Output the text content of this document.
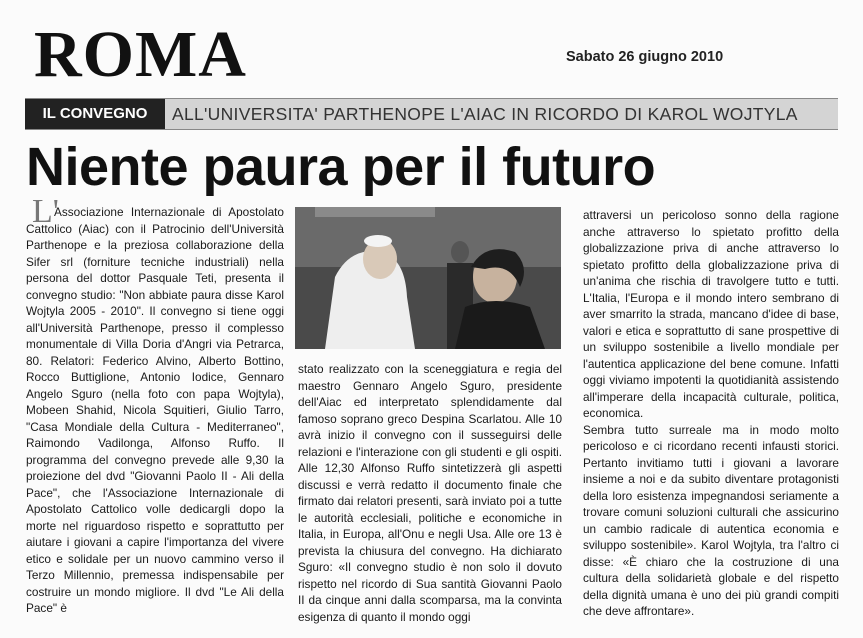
ROMA	Sabato 26 giugno 2010
IL CONVEGNO	ALL'UNIVERSITA' PARTHENOPE L'AIAC IN RICORDO DI KAROL WOJTYLA
Niente paura per il futuro
L'
Associazione Internazionale di Apostolato Cattolico (Aiac) con il Patrocinio dell'Università Parthenope e la preziosa collaborazione della Sifer srl (forniture tecniche industriali) nella persona del dottor Pasquale Teti, presenta il convegno studio: "Non abbiate paura disse Karol Wojtyla 2005 - 2010". Il convegno si tiene oggi all'Università Parthenope, presso il complesso monumentale di Villa Doria d'Angri via Petrarca, 80. Relatori: Federico Alvino, Alberto Bottino, Rocco Buttiglione, Antonio Iodice, Gennaro Angelo Sguro (nella foto con papa Wojtyla), Mobeen Shahid, Nicola Squitieri, Giulio Tarro, "Casa Mondiale della Cultura - Mediterraneo", Raimondo Vadilonga, Alfonso Ruffo. Il programma del convegno prevede alle 9,30 la proiezione del dvd "Giovanni Paolo II - Ali della Pace", che l'Associazione Internazionale di Apostolato Cattolico volle dedicargli dopo la morte nel riguardoso rispetto e soprattutto per aiutare i giovani a capire l'importanza del vivere etico e solidale per un nuovo cammino verso il Terzo Millennio, premessa indispensabile per costruire un mondo migliore. Il dvd "Le Ali della Pace" è
stato realizzato con la sceneggiatura e regia del maestro Gennaro Angelo Sguro, presidente dell'Aiac ed interpretato splendidamente dal famoso soprano greco Despina Scarlatou. Alle 10 avrà inizio il convegno con il susseguirsi delle relazioni e l'interazione con gli studenti e gli ospiti. Alle 12,30 Alfonso Ruffo sintetizzerà gli aspetti discussi e verrà redatto il documento finale che firmato dai relatori presenti, sarà inviato poi a tutte le autorità ecclesiali, politiche e economiche in Italia, in Europa, all'Onu e negli Usa. Alle ore 13 è prevista la chiusura del convegno. Ha dichiarato Sguro: «Il convegno studio è non solo il dovuto rispetto nel ricordo di Sua santità Giovanni Paolo II da cinque anni dalla scomparsa, ma la convinta esigenza di quanto il mondo oggi
attraversi un pericoloso sonno della ragione anche attraverso lo spietato profitto della globalizzazione priva di anche attraverso lo spietato profitto della globalizzazione priva di un'anima che rischia di travolgere tutto e tutti. L'Italia, l'Europa e il mondo intero sembrano di aver smarrito la strada, mancano d'idee di base, valori e etica e soprattutto di sane prospettive di un sviluppo sostenibile a livello mondiale per l'autentica applicazione del bene comune. Infatti oggi viviamo impotenti la quotidianità assistendo all'imperare della incapacità culturale, politica, economica.
Sembra tutto surreale ma in modo molto pericoloso e ci ricordano recenti infausti storici. Pertanto invitiamo tutti i giovani a lavorare insieme a noi e da subito diventare protagonisti della loro esistenza impegnandosi seriamente a trovare comuni soluzioni culturali che assicurino un cambio radicale di autentica economia e sviluppo sostenibile». Karol Wojtyla, tra l'altro ci disse: «È chiaro che la costruzione di una cultura della solidarietà globale e del rispetto della dignità umana è uno dei più grandi compiti che deve affrontare».
